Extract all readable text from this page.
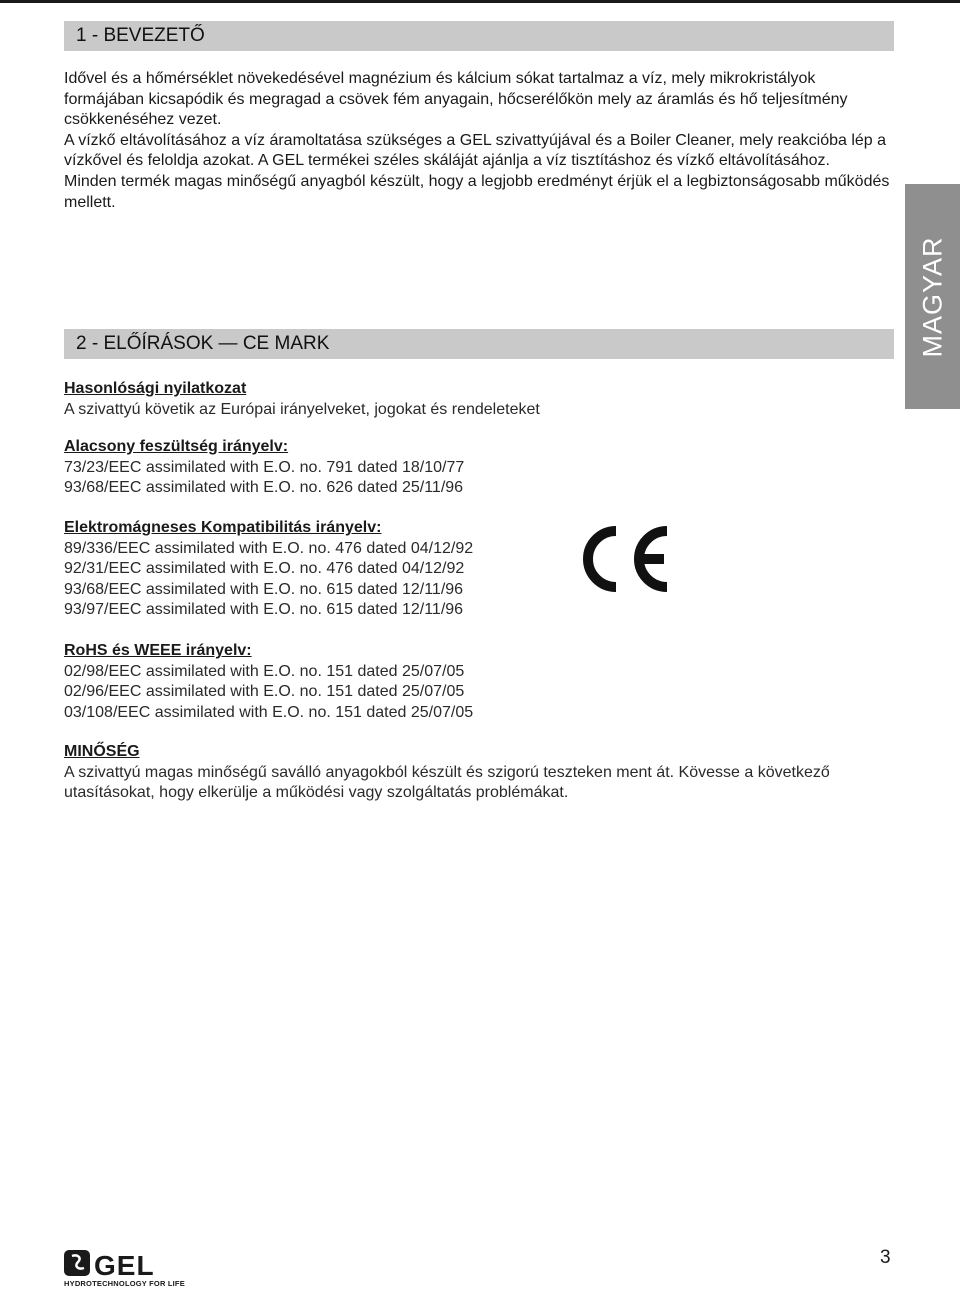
1 - BEVEZETŐ

Idővel és a hőmérséklet növekedésével magnézium és kálcium sókat tartalmaz a víz, mely mikrokristályok formájában kicsapódik és megragad a csövek fém anyagain, hőcserélőkön mely az áramlás és hő teljesítmény csökkenéséhez vezet.

A vízkő eltávolításához a víz áramoltatása szükséges a GEL szivattyújával és a Boiler Cleaner, mely reakcióba lép a vízkővel és feloldja azokat. A GEL termékei széles skáláját ajánlja a víz tisztításhoz és vízkő eltávolításához.

Minden termék magas minőségű anyagból készült, hogy a legjobb eredményt érjük el a legbiztonságosabb működés mellett.

MAGYAR
2 - ELŐÍRÁSOK — CE MARK
Hasonlósági nyilatkozat
A szivattyú követik az Európai irányelveket, jogokat és rendeleteket
Alacsony feszültség irányelv:
73/23/EEC assimilated with E.O. no. 791 dated 18/10/77
93/68/EEC assimilated with E.O. no. 626 dated 25/11/96
Elektromágneses Kompatibilitás irányelv:
89/336/EEC assimilated with E.O. no. 476 dated 04/12/92
92/31/EEC assimilated with E.O. no. 476 dated 04/12/92
93/68/EEC assimilated with E.O. no. 615 dated 12/11/96
93/97/EEC assimilated with E.O. no. 615 dated 12/11/96
RoHS és WEEE irányelv:
02/98/EEC assimilated with E.O. no. 151 dated 25/07/05
02/96/EEC assimilated with E.O. no. 151 dated 25/07/05
03/108/EEC assimilated with E.O. no. 151 dated 25/07/05
MINŐSÉG
A szivattyú magas minőségű saválló anyagokból készült és szigorú teszteken ment át. Kövesse a következő utasításokat, hogy elkerülje a működési vagy szolgáltatás problémákat.
GEL
HYDROTECHNOLOGY FOR LIFE
3
